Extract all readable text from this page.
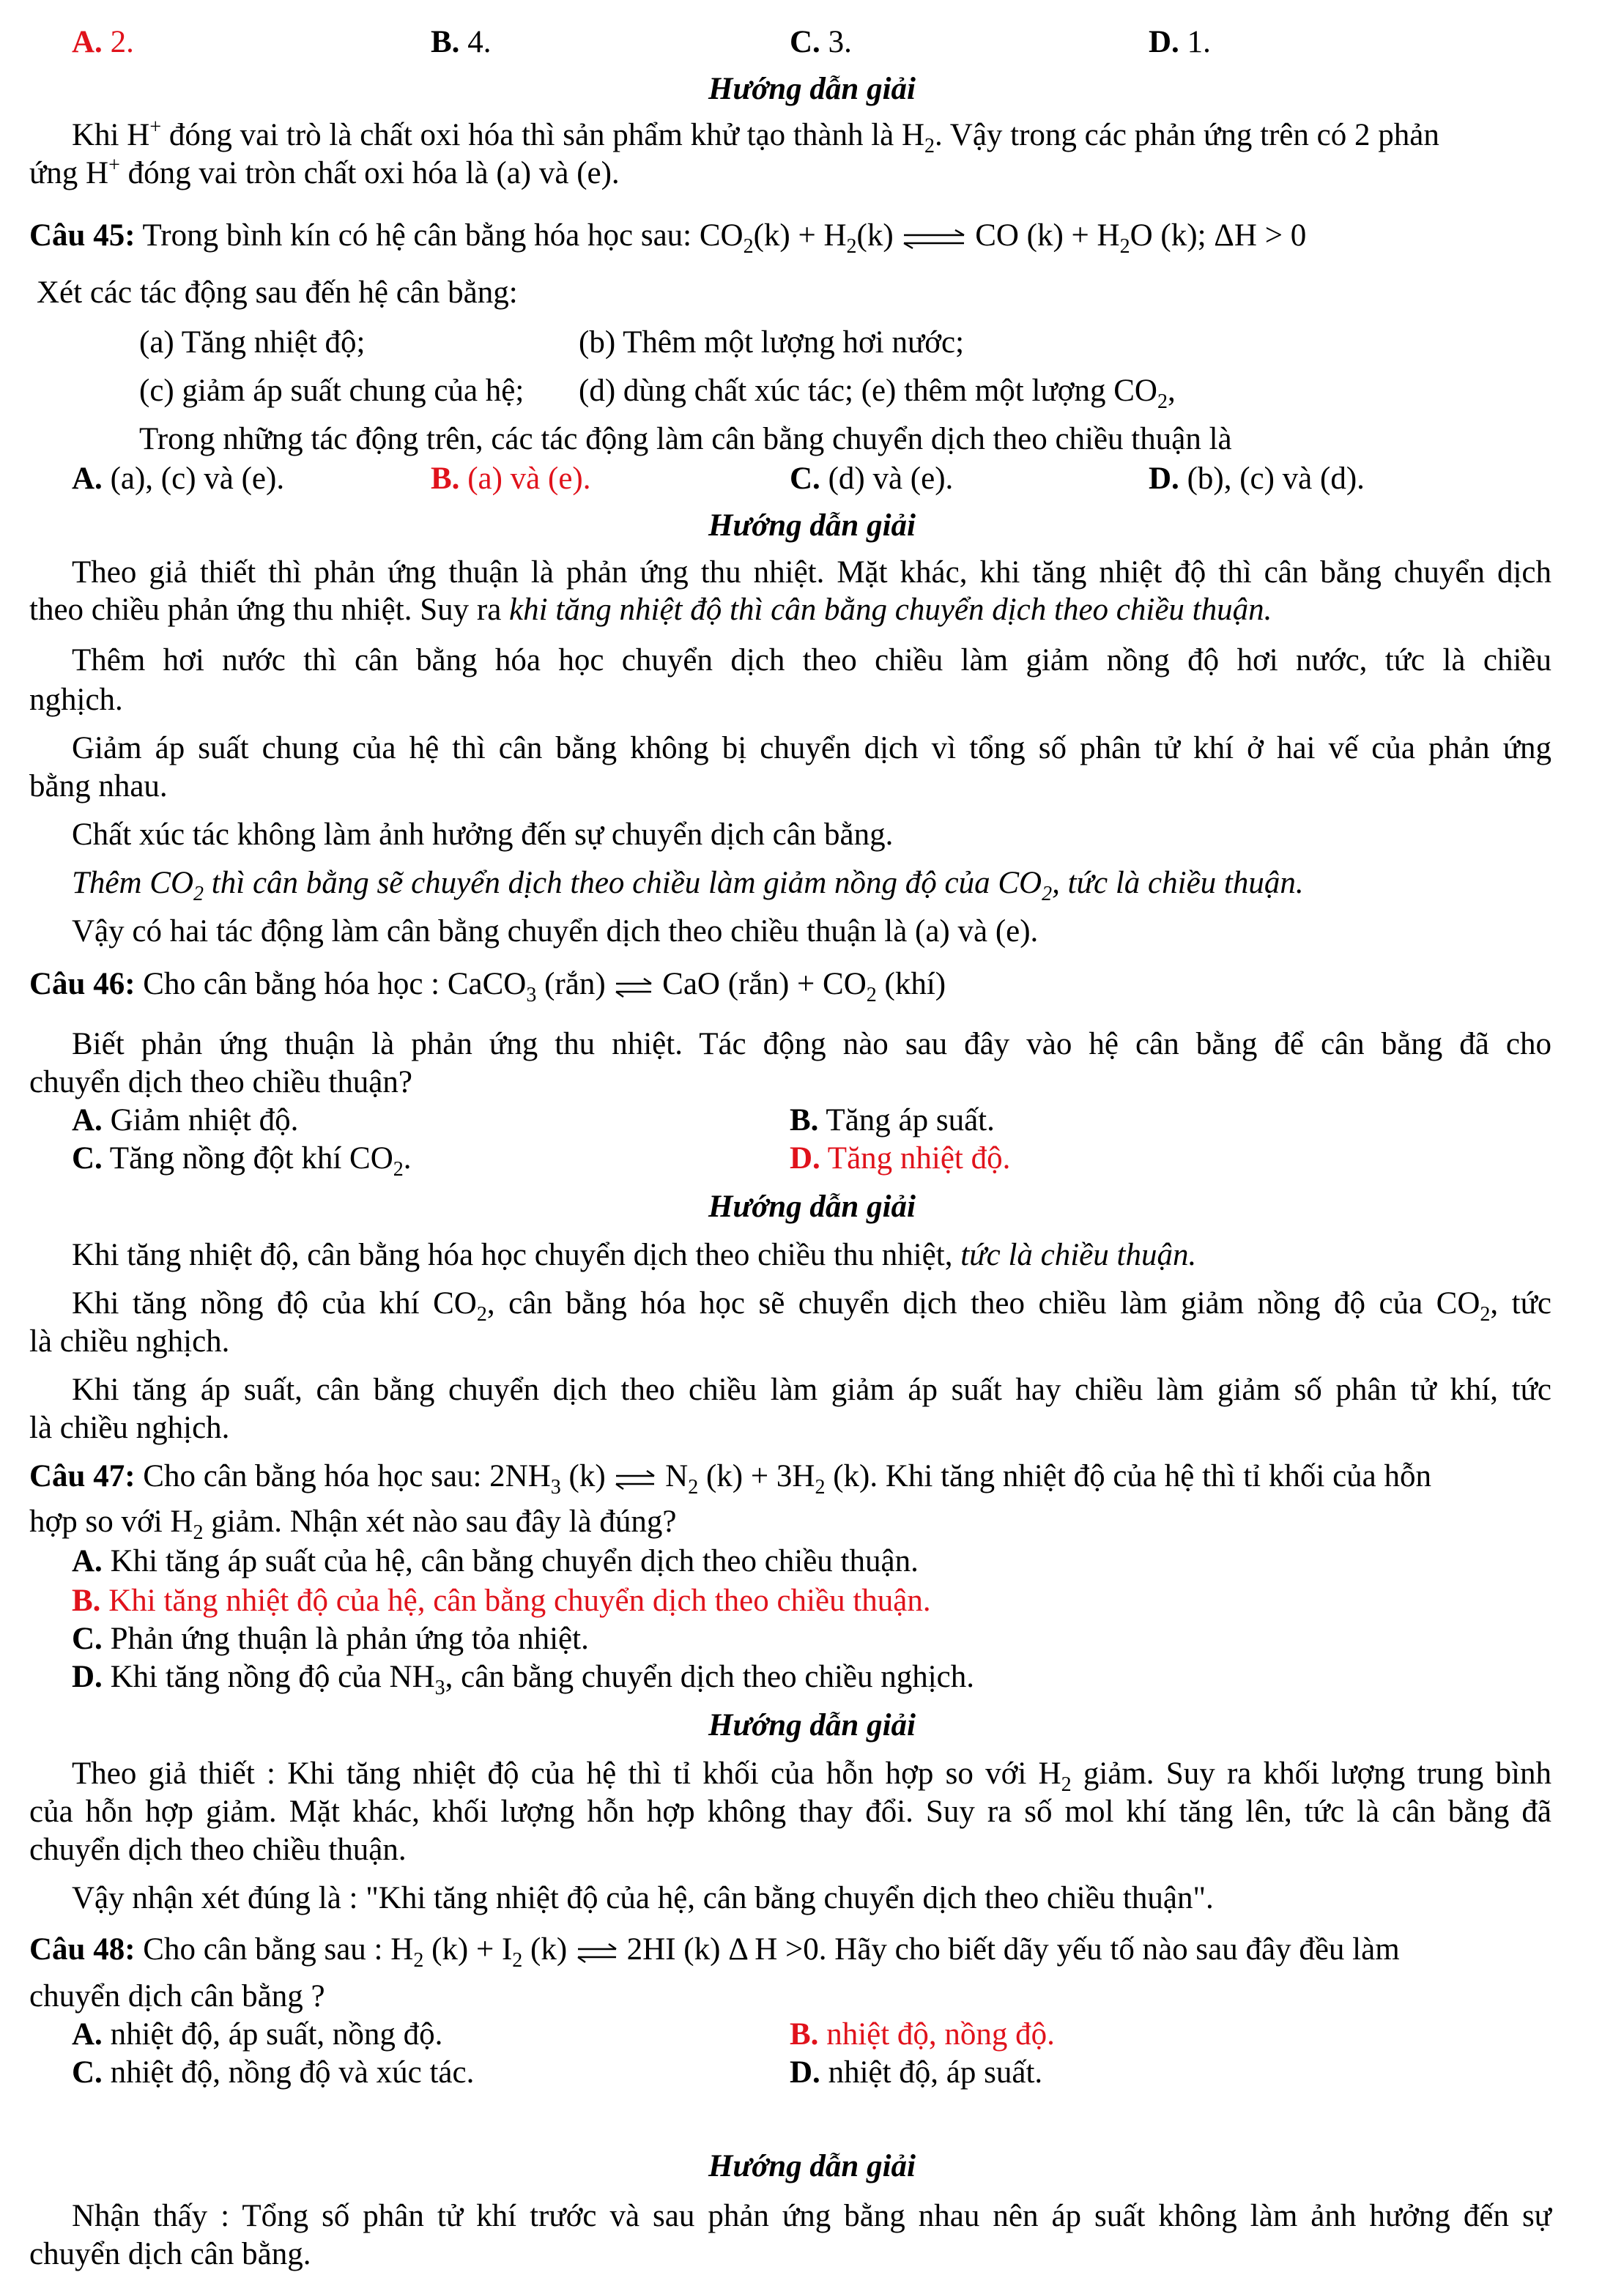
A. 2.	B. 4.	C. 3.	D. 1.
Hướng dẫn giải
Khi H+ đóng vai trò là chất oxi hóa thì sản phẩm khử tạo thành là $H_2$. Vậy trong các phản ứng trên có 2 phản
ứng H+ đóng vai tròn chất oxi hóa là (a) và (e).
Câu 45: Trong bình kín có hệ cân bằng hóa học sau: $CO_2(k) + H_2(k)$ ⇌ CO $(k) + H_2O$ (k); ΔH > 0
Xét các tác động sau đến hệ cân bằng:
(a) Tăng nhiệt độ;	(b) Thêm một lượng hơi nước;
(c) giảm áp suất chung của hệ; (d) dùng chất xúc tác; (e) thêm một lượng $CO_2$,
Trong những tác động trên, các tác động làm cân bằng chuyển dịch theo chiều thuận là
A. (a), (c) và (e).	B. (a) và (e).	C. (d) và (e).	D. (b), (c) và (d).
Hướng dẫn giải
Theo giả thiết thì phản ứng thuận là phản ứng thu nhiệt. Mặt khác, khi tăng nhiệt độ thì cân bằng chuyển dịch
theo chiều phản ứng thu nhiệt. Suy ra khi tăng nhiệt độ thì cân bằng chuyển dịch theo chiều thuận.
Thêm hơi nước thì cân bằng hóa học chuyển dịch theo chiều làm giảm nồng độ hơi nước, tức là chiều
nghịch.
Giảm áp suất chung của hệ thì cân bằng không bị chuyển dịch vì tổng số phân tử khí ở hai vế của phản ứng
bằng nhau.
Chất xúc tác không làm ảnh hưởng đến sự chuyển dịch cân bằng.
Thêm $CO_2$ thì cân bằng sẽ chuyển dịch theo chiều làm giảm nồng độ của $CO_2$, tức là chiều thuận.
Vậy có hai tác động làm cân bằng chuyển dịch theo chiều thuận là (a) và (e).
Câu 46: Cho cân bằng hóa học : CaCO$_3$ (rắn) ⇌ CaO (rắn) + $CO_2$ (khí)
Biết phản ứng thuận là phản ứng thu nhiệt. Tác động nào sau đây vào hệ cân bằng để cân bằng đã cho
chuyển dịch theo chiều thuận?
A. Giảm nhiệt độ.	B. Tăng áp suất.
C. Tăng nồng đột khí $CO_2$.	D. Tăng nhiệt độ.
Hướng dẫn giải
Khi tăng nhiệt độ, cân bằng hóa học chuyển dịch theo chiều thu nhiệt, tức là chiều thuận.
Khi tăng nồng độ của khí $CO_2$, cân bằng hóa học sẽ chuyển dịch theo chiều làm giảm nồng độ của $CO_2$, tức
là chiều nghịch.
Khi tăng áp suất, cân bằng chuyển dịch theo chiều làm giảm áp suất hay chiều làm giảm số phân tử khí, tức
là chiều nghịch.
Câu 47: Cho cân bằng hóa học sau: $2NH_3$ (k) ⇌ $N_2$ $(k) + 3H_2$ (k). Khi tăng nhiệt độ của hệ thì tỉ khối của hỗn
hợp so với $H_2$ giảm. Nhận xét nào sau đây là đúng?
A. Khi tăng áp suất của hệ, cân bằng chuyển dịch theo chiều thuận.
B. Khi tăng nhiệt độ của hệ, cân bằng chuyển dịch theo chiều thuận.
C. Phản ứng thuận là phản ứng tỏa nhiệt.
D. Khi tăng nồng độ của $NH_3$, cân bằng chuyển dịch theo chiều nghịch.
Hướng dẫn giải
Theo giả thiết : Khi tăng nhiệt độ của hệ thì tỉ khối của hỗn hợp so với $H_2$ giảm. Suy ra khối lượng trung bình
của hỗn hợp giảm. Mặt khác, khối lượng hỗn hợp không thay đổi. Suy ra số mol khí tăng lên, tức là cân bằng đã
chuyển dịch theo chiều thuận.
Vậy nhận xét đúng là : "Khi tăng nhiệt độ của hệ, cân bằng chuyển dịch theo chiều thuận".
Câu 48: Cho cân bằng sau : $H_2$ $(k) + I_2$ (k) ⇌ 2HI (k) Δ H >0. Hãy cho biết dãy yếu tố nào sau đây đều làm
chuyển dịch cân bằng ?
A. nhiệt độ, áp suất, nồng độ.	B. nhiệt độ, nồng độ.
C. nhiệt độ, nồng độ và xúc tác.	D. nhiệt độ, áp suất.
Hướng dẫn giải
Nhận thấy : Tổng số phân tử khí trước và sau phản ứng bằng nhau nên áp suất không làm ảnh hưởng đến sự
chuyển dịch cân bằng.
